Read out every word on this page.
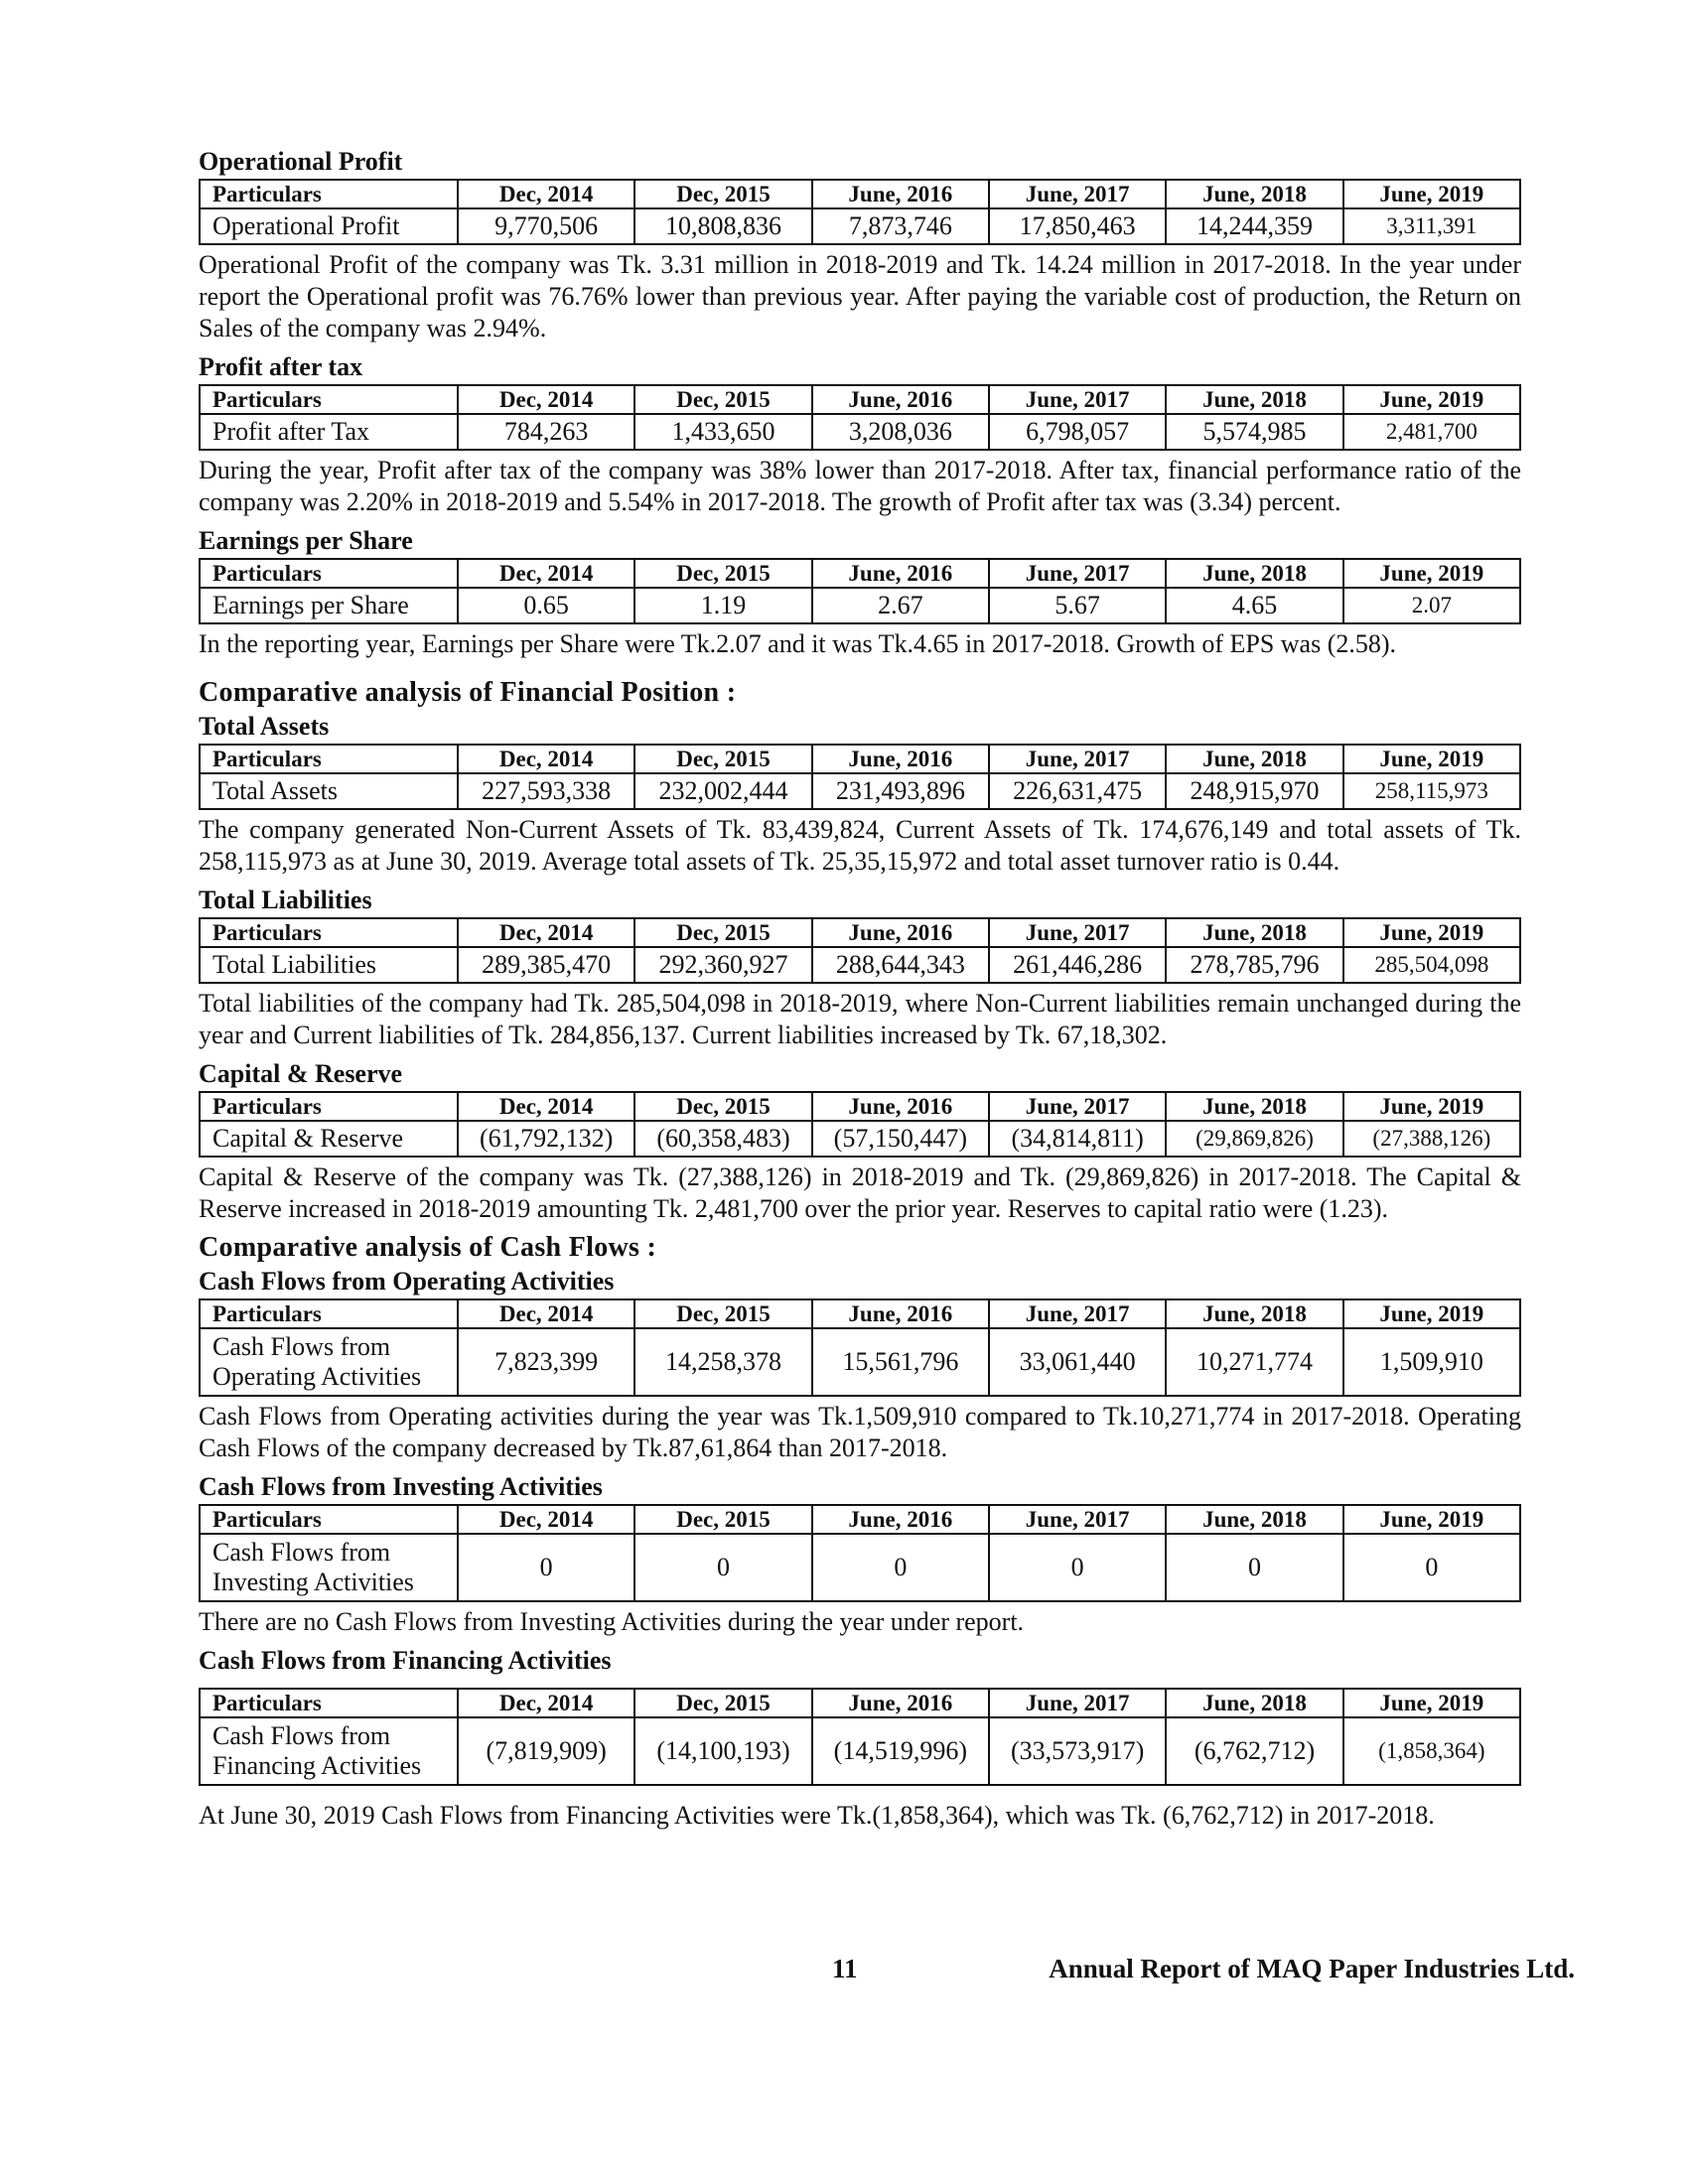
Operational Profit
Particulars	Dec, 2014	Dec, 2015	June, 2016	June, 2017	June, 2018	June, 2019
Operational Profit	9,770,506	10,808,836	7,873,746	17,850,463	14,244,359	3,311,391

Operational Profit of the company was Tk. 3.31 million in 2018-2019 and Tk. 14.24 million in 2017-2018. In the year under report the Operational profit was 76.76% lower than previous year. After paying the variable cost of production, the Return on Sales of the company was 2.94%.

Profit after tax
Particulars	Dec, 2014	Dec, 2015	June, 2016	June, 2017	June, 2018	June, 2019
Profit after Tax	784,263	1,433,650	3,208,036	6,798,057	5,574,985	2,481,700

During the year, Profit after tax of the company was 38% lower than 2017-2018. After tax, financial performance ratio of the company was 2.20% in 2018-2019 and 5.54% in 2017-2018. The growth of Profit after tax was (3.34) percent.

Earnings per Share
Particulars	Dec, 2014	Dec, 2015	June, 2016	June, 2017	June, 2018	June, 2019
Earnings per Share	0.65	1.19	2.67	5.67	4.65	2.07

In the reporting year, Earnings per Share were Tk.2.07 and it was Tk.4.65 in 2017-2018. Growth of EPS was (2.58).

Comparative analysis of Financial Position :
Total Assets
Particulars	Dec, 2014	Dec, 2015	June, 2016	June, 2017	June, 2018	June, 2019
Total Assets	227,593,338	232,002,444	231,493,896	226,631,475	248,915,970	258,115,973

The company generated Non-Current Assets of Tk. 83,439,824, Current Assets of Tk. 174,676,149 and total assets of Tk. 258,115,973 as at June 30, 2019. Average total assets of Tk. 25,35,15,972 and total asset turnover ratio is 0.44.

Total Liabilities
Particulars	Dec, 2014	Dec, 2015	June, 2016	June, 2017	June, 2018	June, 2019
Total Liabilities	289,385,470	292,360,927	288,644,343	261,446,286	278,785,796	285,504,098

Total liabilities of the company had Tk. 285,504,098 in 2018-2019, where Non-Current liabilities remain unchanged during the year and Current liabilities of Tk. 284,856,137. Current liabilities increased by Tk. 67,18,302.

Capital & Reserve
Particulars	Dec, 2014	Dec, 2015	June, 2016	June, 2017	June, 2018	June, 2019
Capital & Reserve	(61,792,132)	(60,358,483)	(57,150,447)	(34,814,811)	(29,869,826)	(27,388,126)

Capital & Reserve of the company was Tk. (27,388,126) in 2018-2019 and Tk. (29,869,826) in 2017-2018. The Capital & Reserve increased in 2018-2019 amounting Tk. 2,481,700 over the prior year. Reserves to capital ratio were (1.23).

Comparative analysis of Cash Flows :
Cash Flows from Operating Activities
Particulars	Dec, 2014	Dec, 2015	June, 2016	June, 2017	June, 2018	June, 2019
Cash Flows from Operating Activities	7,823,399	14,258,378	15,561,796	33,061,440	10,271,774	1,509,910

Cash Flows from Operating activities during the year was Tk.1,509,910 compared to Tk.10,271,774 in 2017-2018. Operating Cash Flows of the company decreased by Tk.87,61,864 than 2017-2018.

Cash Flows from Investing Activities
Particulars	Dec, 2014	Dec, 2015	June, 2016	June, 2017	June, 2018	June, 2019
Cash Flows from Investing Activities	0	0	0	0	0	0

There are no Cash Flows from Investing Activities during the year under report.

Cash Flows from Financing Activities
Particulars	Dec, 2014	Dec, 2015	June, 2016	June, 2017	June, 2018	June, 2019
Cash Flows from Financing Activities	(7,819,909)	(14,100,193)	(14,519,996)	(33,573,917)	(6,762,712)	(1,858,364)

At June 30, 2019 Cash Flows from Financing Activities were Tk.(1,858,364), which was Tk. (6,762,712) in 2017-2018.

11	Annual Report of MAQ Paper Industries Ltd.
